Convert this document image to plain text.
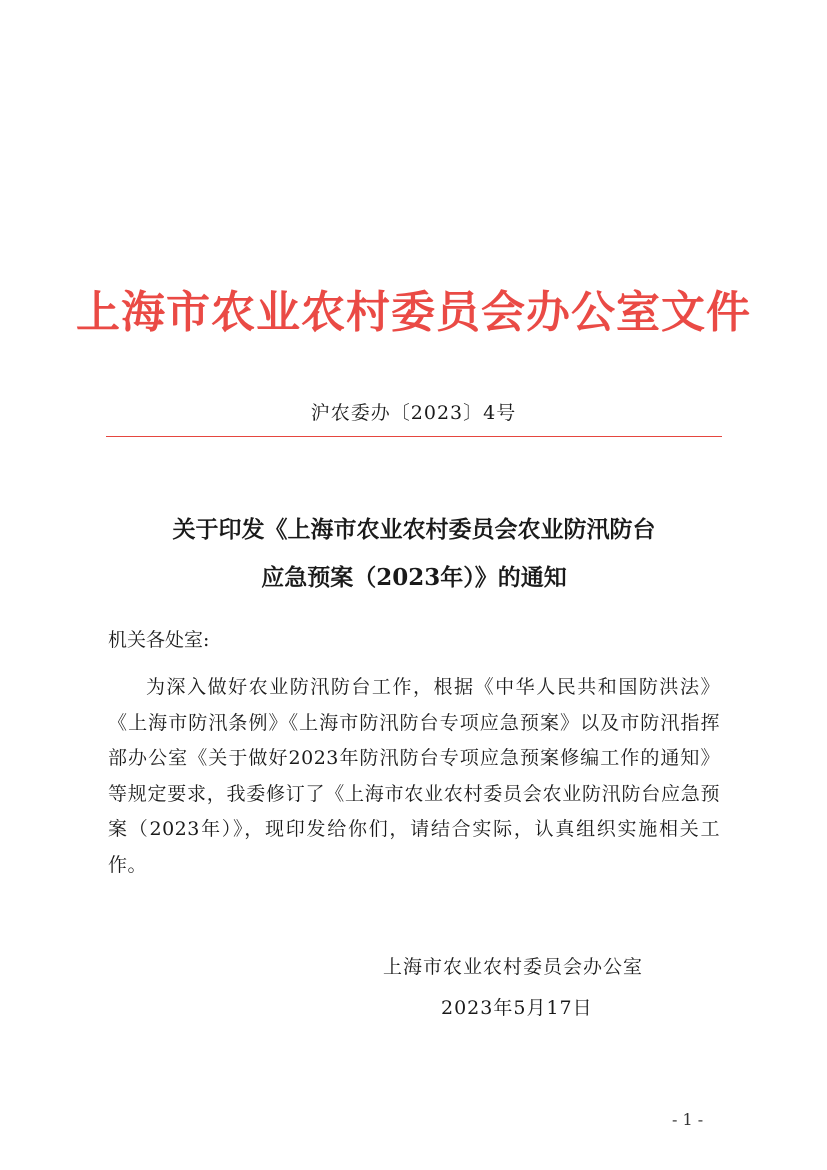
上海市农业农村委员会办公室文件
沪农委办〔2023〕4号
关于印发《上海市农业农村委员会农业防汛防台
应急预案（2023年）》的通知
机关各处室:
为深入做好农业防汛防台工作，根据《中华人民共和国防洪法》《上海市防汛条例》《上海市防汛防台专项应急预案》以及市防汛指挥部办公室《关于做好2023年防汛防台专项应急预案修编工作的通知》等规定要求，我委修订了《上海市农业农村委员会农业防汛防台应急预案（2023年）》，现印发给你们，请结合实际，认真组织实施相关工作。
上海市农业农村委员会办公室
2023年5月17日
- 1 -
